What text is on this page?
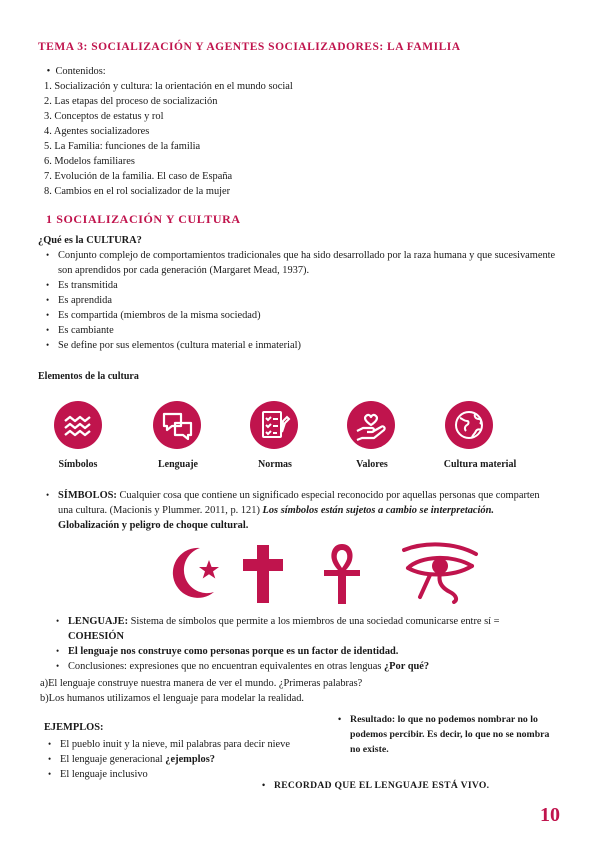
TEMA 3: SOCIALIZACIÓN Y AGENTES SOCIALIZADORES: LA FAMILIA
•  Contenidos:
1. Socialización y cultura: la orientación en el mundo social
2. Las etapas del proceso de socialización
3. Conceptos de estatus y rol
4. Agentes socializadores
5. La Familia: funciones de la familia
6. Modelos familiares
7. Evolución de la familia. El caso de España
8. Cambios en el rol socializador de la mujer
1 SOCIALIZACIÓN Y CULTURA
¿Qué es la CULTURA?
• Conjunto complejo de comportamientos tradicionales que ha sido desarrollado por la raza humana y que sucesivamente son aprendidos por cada generación (Margaret Mead, 1937).
• Es transmitida
• Es aprendida
• Es compartida (miembros de la misma sociedad)
• Es cambiante
• Se define por sus elementos (cultura material e inmaterial)
Elementos de la cultura
Símbolos	Lenguaje	Normas	Valores	Cultura material
• SÍMBOLOS: Cualquier cosa que contiene un significado especial reconocido por aquellas personas que comparten una cultura. (Macionis y Plummer. 2011, p. 121) Los símbolos están sujetos a cambio se interpretación. Globalización y peligro de choque cultural.
• LENGUAJE: Sistema de símbolos que permite a los miembros de una sociedad comunicarse entre sí =
COHESIÓN
• El lenguaje nos construye como personas porque es un factor de identidad.
• Conclusiones: expresiones que no encuentran equivalentes en otras lenguas ¿Por qué?
a)El lenguaje construye nuestra manera de ver el mundo. ¿Primeras palabras?
b)Los humanos utilizamos el lenguaje para modelar la realidad.
EJEMPLOS:
• El pueblo inuit y la nieve, mil palabras para decir nieve
• El lenguaje generacional ¿ejemplos?
• El lenguaje inclusivo
• Resultado: lo que no podemos nombrar no lo podemos percibir. Es decir, lo que no se nombra no existe.
• RECORDAD QUE EL LENGUAJE ESTÁ VIVO.
10
